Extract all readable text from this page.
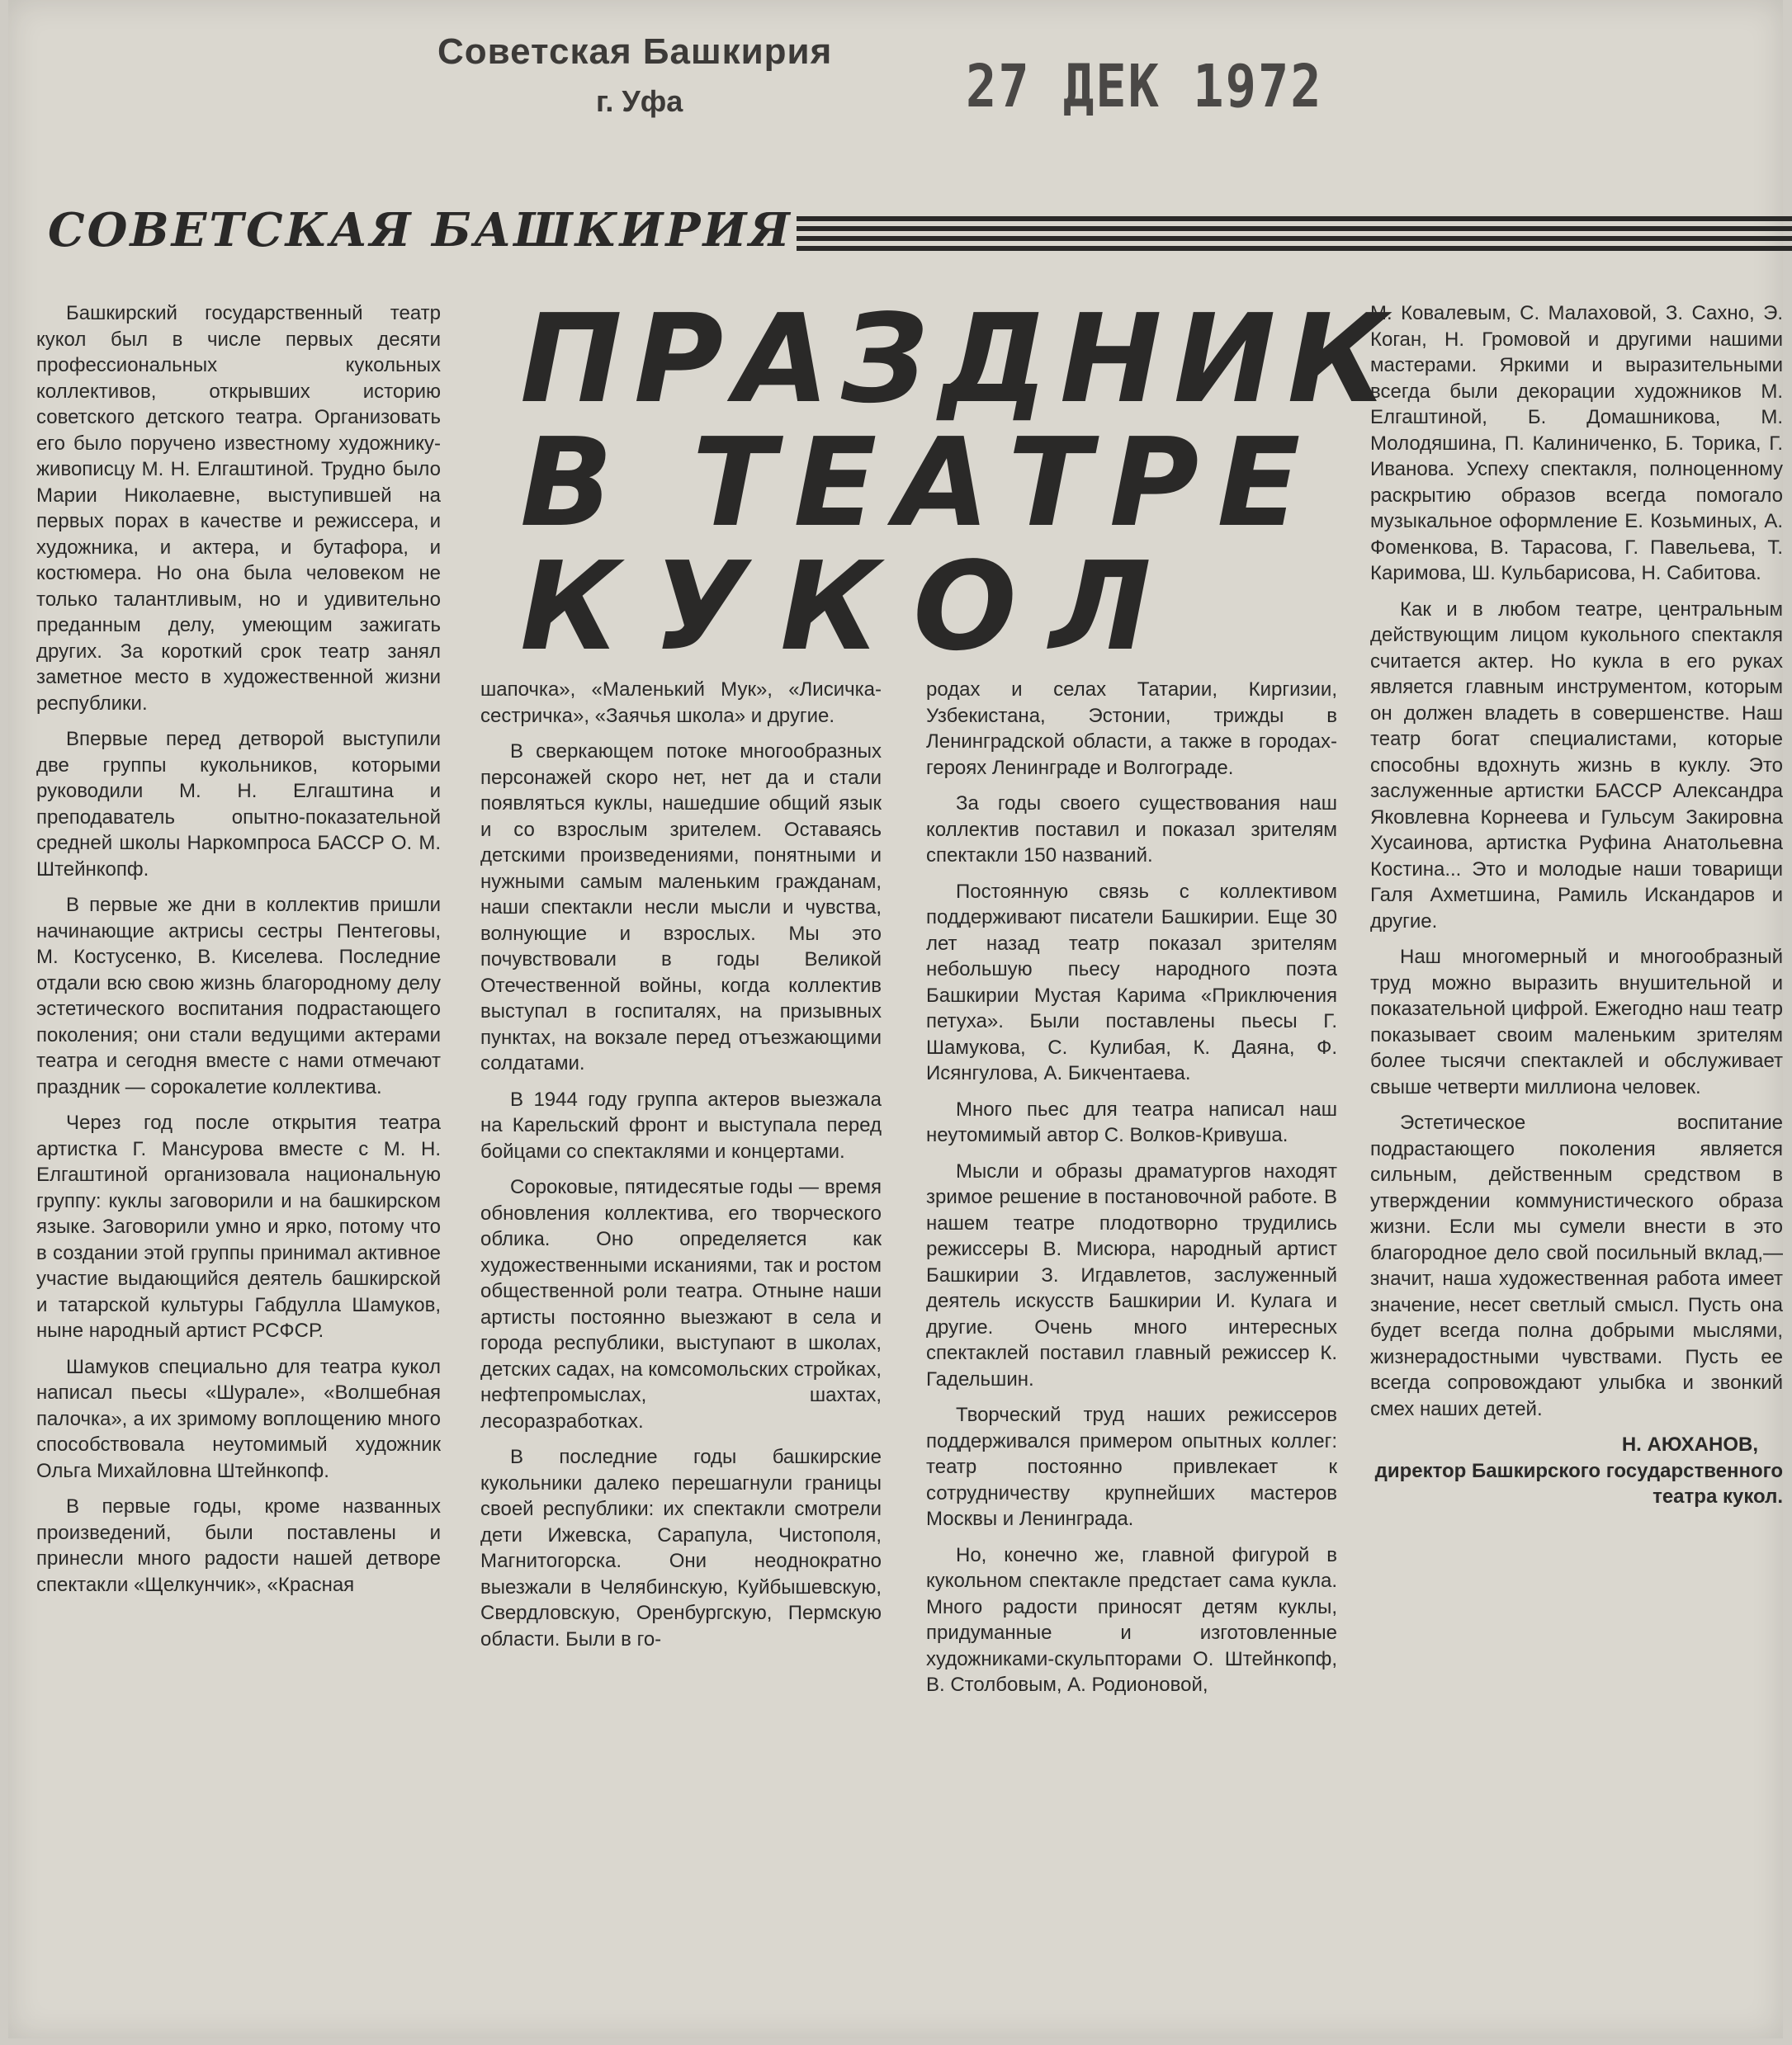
Советская Башкирия
г. Уфа	27 ДЕК 1972
СОВЕТСКАЯ БАШКИРИЯ
ПРАЗДНИК
В ТЕАТРЕ
КУКОЛ

Башкирский государственный театр кукол был в числе первых десяти профессиональных кукольных коллективов, открывших историю советского детского театра. Организовать его было поручено известному художнику-живописцу М. Н. Елгаштиной. Трудно было Марии Николаевне, выступившей на первых порах в качестве и режиссера, и художника, и актера, и бутафора, и костюмера. Но она была человеком не только талантливым, но и удивительно преданным делу, умеющим зажигать других. За короткий срок театр занял заметное место в художественной жизни республики.

Впервые перед детворой выступили две группы кукольников, которыми руководили М. Н. Елгаштина и преподаватель опытно-показательной средней школы Наркомпроса БАССР О. М. Штейнкопф.

В первые же дни в коллектив пришли начинающие актрисы сестры Пентеговы, М. Костусенко, В. Киселева. Последние отдали всю свою жизнь благородному делу эстетического воспитания подрастающего поколения; они стали ведущими актерами театра и сегодня вместе с нами отмечают праздник — сорокалетие коллектива.

Через год после открытия театра артистка Г. Мансурова вместе с М. Н. Елгаштиной организовала национальную группу: куклы заговорили и на башкирском языке. Заговорили умно и ярко, потому что в создании этой группы принимал активное участие выдающийся деятель башкирской и татарской культуры Габдулла Шамуков, ныне народный артист РСФСР.

Шамуков специально для театра кукол написал пьесы «Шурале», «Волшебная палочка», а их зримому воплощению много способствовала неутомимый художник Ольга Михайловна Штейнкопф.

В первые годы, кроме названных произведений, были поставлены и принесли много радости нашей детворе спектакли «Щелкунчик», «Красная

шапочка», «Маленький Мук», «Лисичка-сестричка», «Заячья школа» и другие.

В сверкающем потоке многообразных персонажей скоро нет, нет да и стали появляться куклы, нашедшие общий язык и со взрослым зрителем. Оставаясь детскими произведениями, понятными и нужными самым маленьким гражданам, наши спектакли несли мысли и чувства, волнующие и взрослых. Мы это почувствовали в годы Великой Отечественной войны, когда коллектив выступал в госпиталях, на призывных пунктах, на вокзале перед отъезжающими солдатами.

В 1944 году группа актеров выезжала на Карельский фронт и выступала перед бойцами со спектаклями и концертами.

Сороковые, пятидесятые годы — время обновления коллектива, его творческого облика. Оно определяется как художественными исканиями, так и ростом общественной роли театра. Отныне наши артисты постоянно выезжают в села и города республики, выступают в школах, детских садах, на комсомольских стройках, нефтепромыслах, шахтах, лесоразработках.

В последние годы башкирские кукольники далеко перешагнули границы своей республики: их спектакли смотрели дети Ижевска, Сарапула, Чистополя, Магнитогорска. Они неоднократно выезжали в Челябинскую, Куйбышевскую, Свердловскую, Оренбургскую, Пермскую области. Были в го-

родах и селах Татарии, Киргизии, Узбекистана, Эстонии, трижды в Ленинградской области, а также в городах-героях Ленинграде и Волгограде.

За годы своего существования наш коллектив поставил и показал зрителям спектакли 150 названий.

Постоянную связь с коллективом поддерживают писатели Башкирии. Еще 30 лет назад театр показал зрителям небольшую пьесу народного поэта Башкирии Мустая Карима «Приключения петуха». Были поставлены пьесы Г. Шамукова, С. Кулибая, К. Даяна, Ф. Исянгулова, А. Бикчентаева.

Много пьес для театра написал наш неутомимый автор С. Волков-Кривуша.

Мысли и образы драматургов находят зримое решение в постановочной работе. В нашем театре плодотворно трудились режиссеры В. Мисюра, народный артист Башкирии З. Игдавлетов, заслуженный деятель искусств Башкирии И. Кулага и другие. Очень много интересных спектаклей поставил главный режиссер К. Гадельшин.

Творческий труд наших режиссеров поддерживался примером опытных коллег: театр постоянно привлекает к сотрудничеству крупнейших мастеров Москвы и Ленинграда.

Но, конечно же, главной фигурой в кукольном спектакле предстает сама кукла. Много радости приносят детям куклы, придуманные и изготовленные художниками-скульпторами О. Штейнкопф, В. Столбовым, А. Родионовой,

М. Ковалевым, С. Малаховой, З. Сахно, Э. Коган, Н. Громовой и другими нашими мастерами. Яркими и выразительными всегда были декорации художников М. Елгаштиной, Б. Домашникова, М. Молодяшина, П. Калиниченко, Б. Торика, Г. Иванова. Успеху спектакля, полноценному раскрытию образов всегда помогало музыкальное оформление Е. Козьминых, А. Фоменкова, В. Тарасова, Г. Павельева, Т. Каримова, Ш. Кульбарисова, Н. Сабитова.

Как и в любом театре, центральным действующим лицом кукольного спектакля считается актер. Но кукла в его руках является главным инструментом, которым он должен владеть в совершенстве. Наш театр богат специалистами, которые способны вдохнуть жизнь в куклу. Это заслуженные артистки БАССР Александра Яковлевна Корнеева и Гульсум Закировна Хусаинова, артистка Руфина Анатольевна Костина... Это и молодые наши товарищи Галя Ахметшина, Рамиль Искандаров и другие.

Наш многомерный и многообразный труд можно выразить внушительной и показательной цифрой. Ежегодно наш театр показывает своим маленьким зрителям более тысячи спектаклей и обслуживает свыше четверти миллиона человек.

Эстетическое воспитание подрастающего поколения является сильным, действенным средством в утверждении коммунистического образа жизни. Если мы сумели внести в это благородное дело свой посильный вклад,— значит, наша художественная работа имеет значение, несет светлый смысл. Пусть она будет всегда полна добрыми мыслями, жизнерадостными чувствами. Пусть ее всегда сопровождают улыбка и звонкий смех наших детей.

Н. АЮХАНОВ,
директор Башкирского государственного театра кукол.
